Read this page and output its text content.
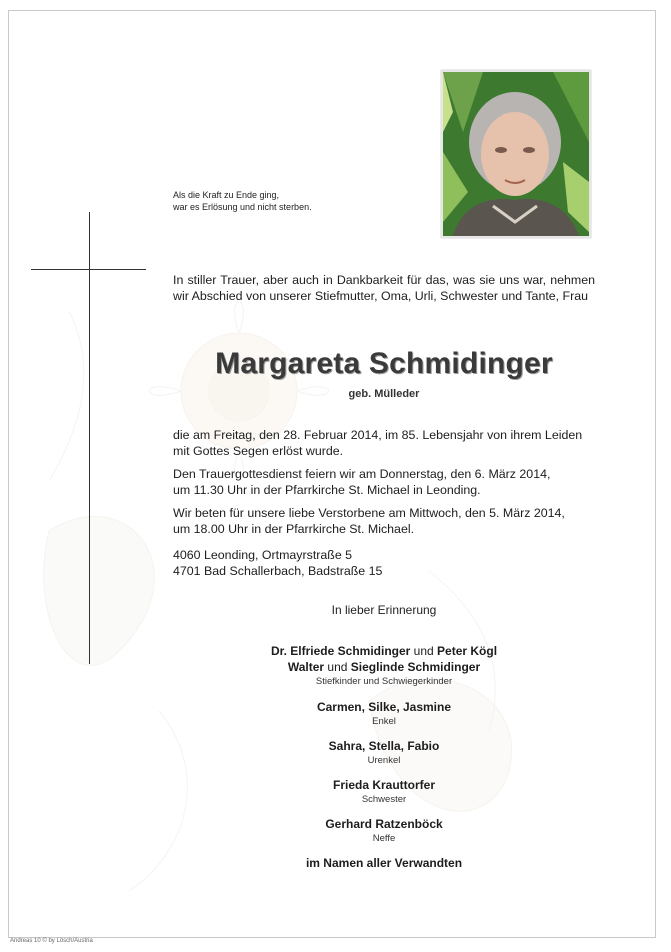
Als die Kraft zu Ende ging,
war es Erlösung und nicht sterben.
In stiller Trauer, aber auch in Dankbarkeit für das, was sie uns war, nehmen wir Abschied von unserer Stiefmutter, Oma, Urli, Schwester und Tante, Frau
Margareta Schmidinger
geb. Mülleder
die am Freitag, den 28. Februar 2014, im 85. Lebensjahr von ihrem Leiden
mit Gottes Segen erlöst wurde.
Den Trauergottesdienst feiern wir am Donnerstag, den 6. März 2014,
um 11.30 Uhr in der Pfarrkirche St. Michael in Leonding.
Wir beten für unsere liebe Verstorbene am Mittwoch, den 5. März 2014,
um 18.00 Uhr in der Pfarrkirche St. Michael.
4060 Leonding, Ortmayrstraße 5
4701 Bad Schallerbach, Badstraße 15
In lieber Erinnerung
Dr. Elfriede Schmidinger und Peter Kögl
Walter und Sieglinde Schmidinger
Stiefkinder und Schwiegerkinder
Carmen, Silke, Jasmine
Enkel
Sahra, Stella, Fabio
Urenkel
Frieda Krauttorfer
Schwester
Gerhard Ratzenböck
Neffe
im Namen aller Verwandten
Andreas 10 © by Lösch/Austria
